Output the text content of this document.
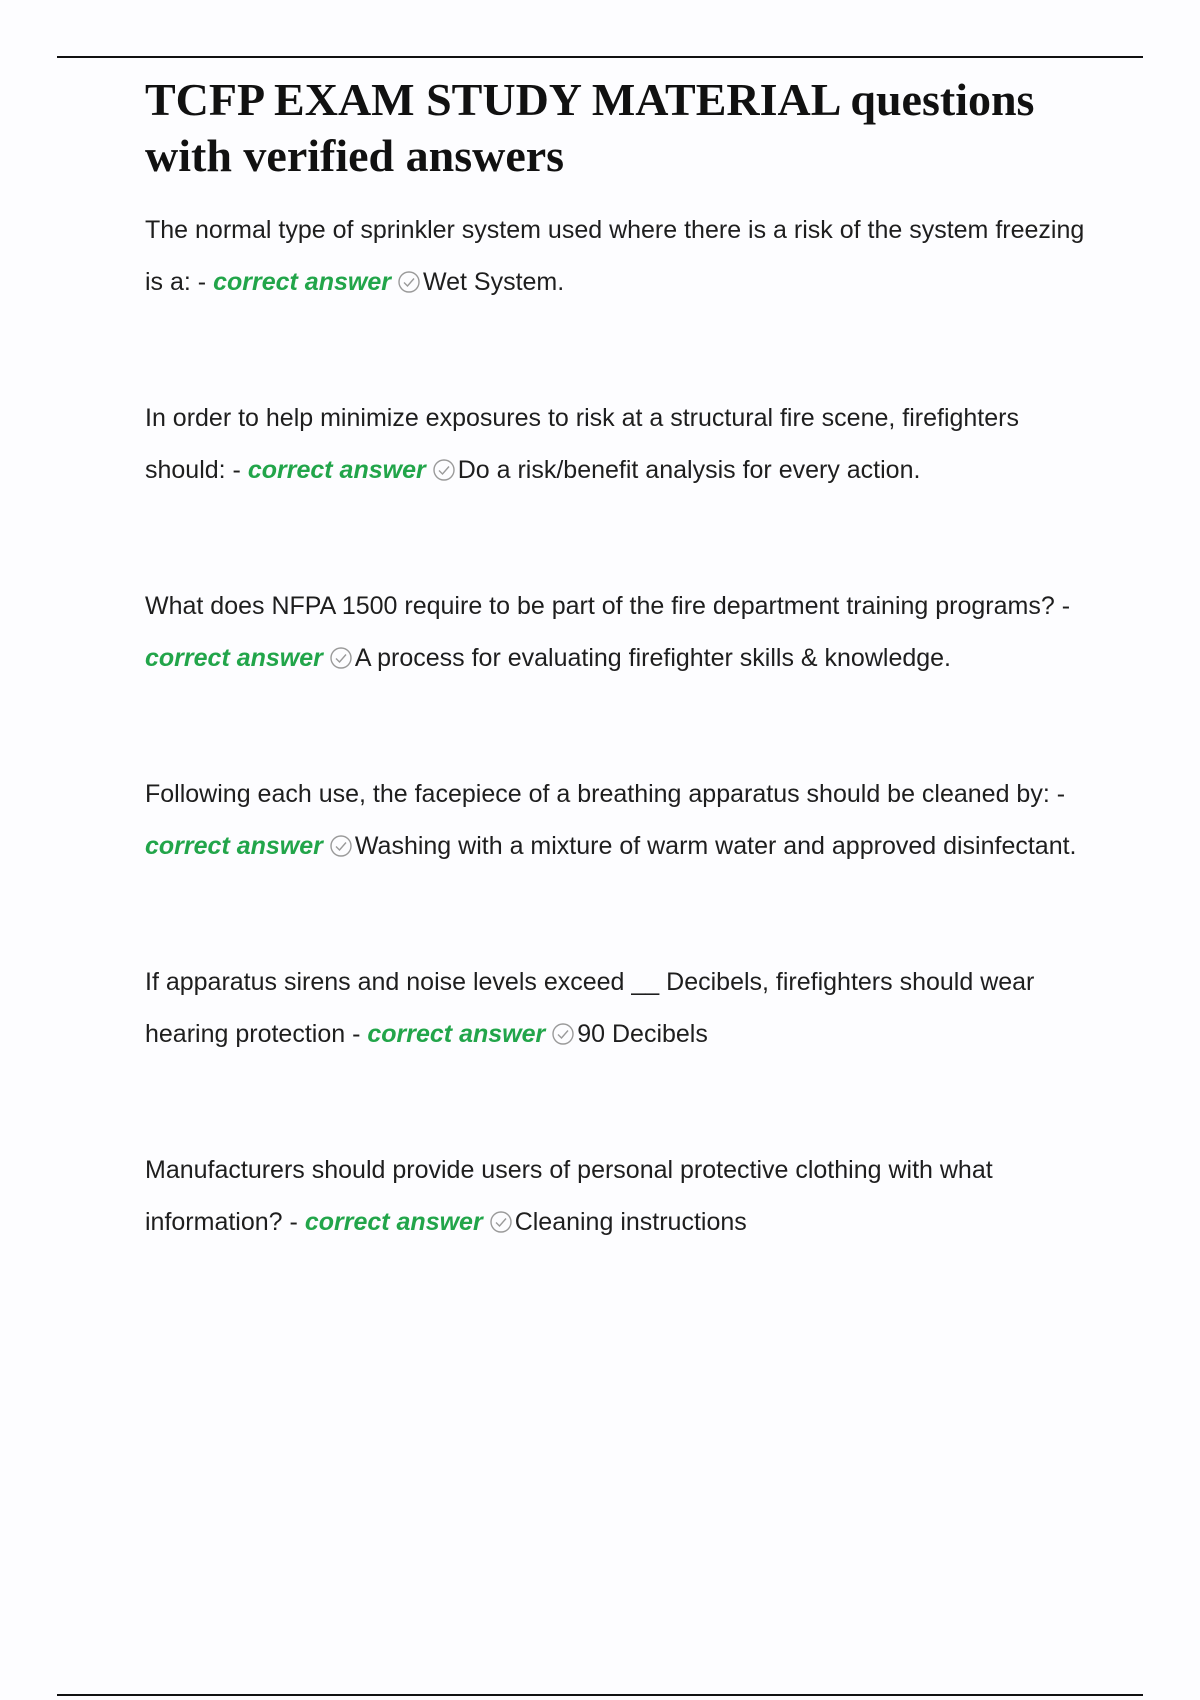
TCFP EXAM STUDY MATERIAL questions with verified answers

The normal type of sprinkler system used where there is a risk of the system freezing is a: - correct answer Wet System.

In order to help minimize exposures to risk at a structural fire scene, firefighters should: - correct answer Do a risk/benefit analysis for every action.

What does NFPA 1500 require to be part of the fire department training programs? - correct answer A process for evaluating firefighter skills & knowledge.

Following each use, the facepiece of a breathing apparatus should be cleaned by: - correct answer Washing with a mixture of warm water and approved disinfectant.

If apparatus sirens and noise levels exceed __ Decibels, firefighters should wear hearing protection - correct answer 90 Decibels

Manufacturers should provide users of personal protective clothing with what information? - correct answer Cleaning instructions
